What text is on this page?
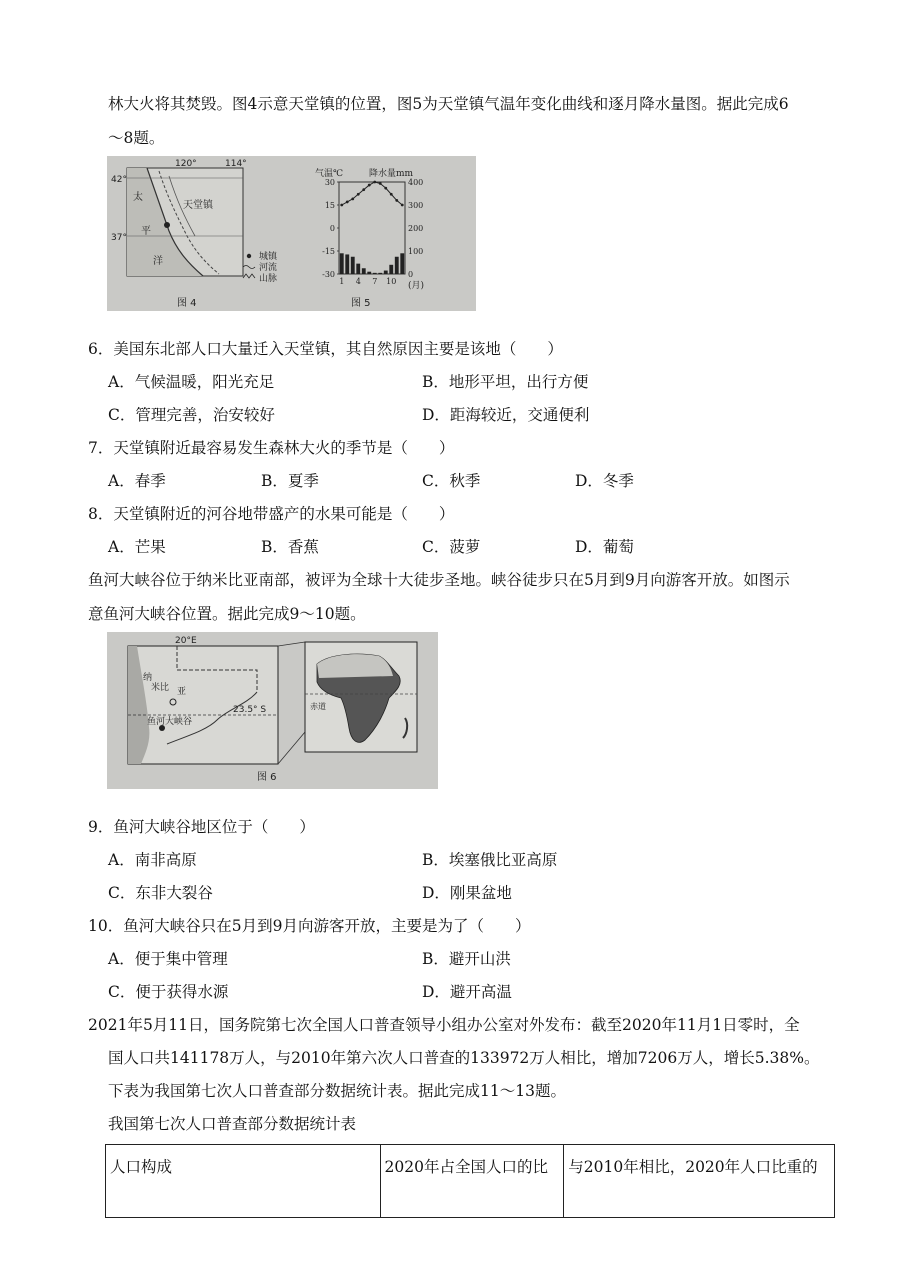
林大火将其焚毁。图4示意天堂镇的位置，图5为天堂镇气温年变化曲线和逐月降水量图。据此完成6
～8题。
120°	114°
42°
37°
太
平
洋
天堂镇
城镇
河流
山脉
图 4
气温℃	降水量mm
30
15
0
-15
-30
400
300
200
100
0
1 4 7 10 (月)
图 5
6．美国东北部人口大量迁入天堂镇，其自然原因主要是该地（　　）
A．气候温暖，阳光充足	B．地形平坦，出行方便
C．管理完善，治安较好	D．距海较近，交通便利
7．天堂镇附近最容易发生森林大火的季节是（　　）
A．春季	B．夏季	C．秋季	D．冬季
8．天堂镇附近的河谷地带盛产的水果可能是（　　）
A．芒果	B．香蕉	C．菠萝	D．葡萄
鱼河大峡谷位于纳米比亚南部，被评为全球十大徒步圣地。峡谷徒步只在5月到9月向游客开放。如图示
意鱼河大峡谷位置。据此完成9～10题。
20°E
23.5° S
纳
米比 亚
鱼河大峡谷
赤道
图 6
9．鱼河大峡谷地区位于（　　）
A．南非高原	B．埃塞俄比亚高原
C．东非大裂谷	D．刚果盆地
10．鱼河大峡谷只在5月到9月向游客开放，主要是为了（　　）
A．便于集中管理	B．避开山洪
C．便于获得水源	D．避开高温
2021年5月11日，国务院第七次全国人口普查领导小组办公室对外发布：截至2020年11月1日零时，全
国人口共141178万人，与2010年第六次人口普查的133972万人相比，增加7206万人，增长5.38%。
下表为我国第七次人口普查部分数据统计表。据此完成11～13题。
我国第七次人口普查部分数据统计表
人口构成	2020年占全国人口的比	与2010年相比，2020年人口比重的
